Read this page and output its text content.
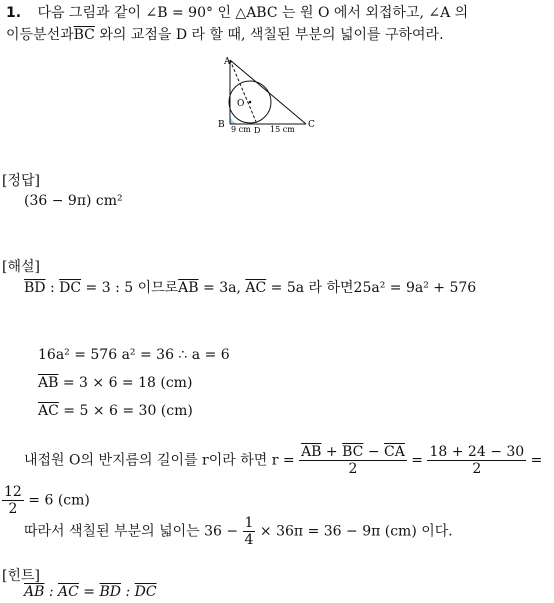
1. 다음 그림과 같이 ∠B = 90° 인 △ABC 는 원 O 에서 외접하고, ∠A 의
이등분선과$\overline{BC}$ 와의 교점을 D 라 할 때, 색칠된 부분의 넓이를 구하여라.
A
O
B	C
D
9 cm 15 cm
[정답]
(36 − 9π) cm²
[해설]
$\overline{BD}$ : $\overline{DC} = 3$ : 5 이므로$\overline{AB} = 3a$, $\overline{AC} = 5a$ 라 하면25a² = 9a² + 576
16a² = 576 a² = 36 ∴ a = 6
$\overline{AB} = 3 \times 6 = 18$ (cm)
$\overline{AC} = 5 \times 6 = 30$ (cm)
내접원 O의 반지름의 길이를 r이라 하면 $r = \frac{\overline{AB} + \overline{BC} - \overline{CA}}{2} = \frac{18 + 24 - 30}{2}$ =
$\frac{12}{2} = 6$ (cm)
따라서 색칠된 부분의 넓이는 $36 - \frac{1}{4} \times 36\pi = 36 - 9\pi$ (cm) 이다.
[힌트]
$\overline{AB}$ : $\overline{AC} = \overline{BD}$ : $\overline{DC}$
